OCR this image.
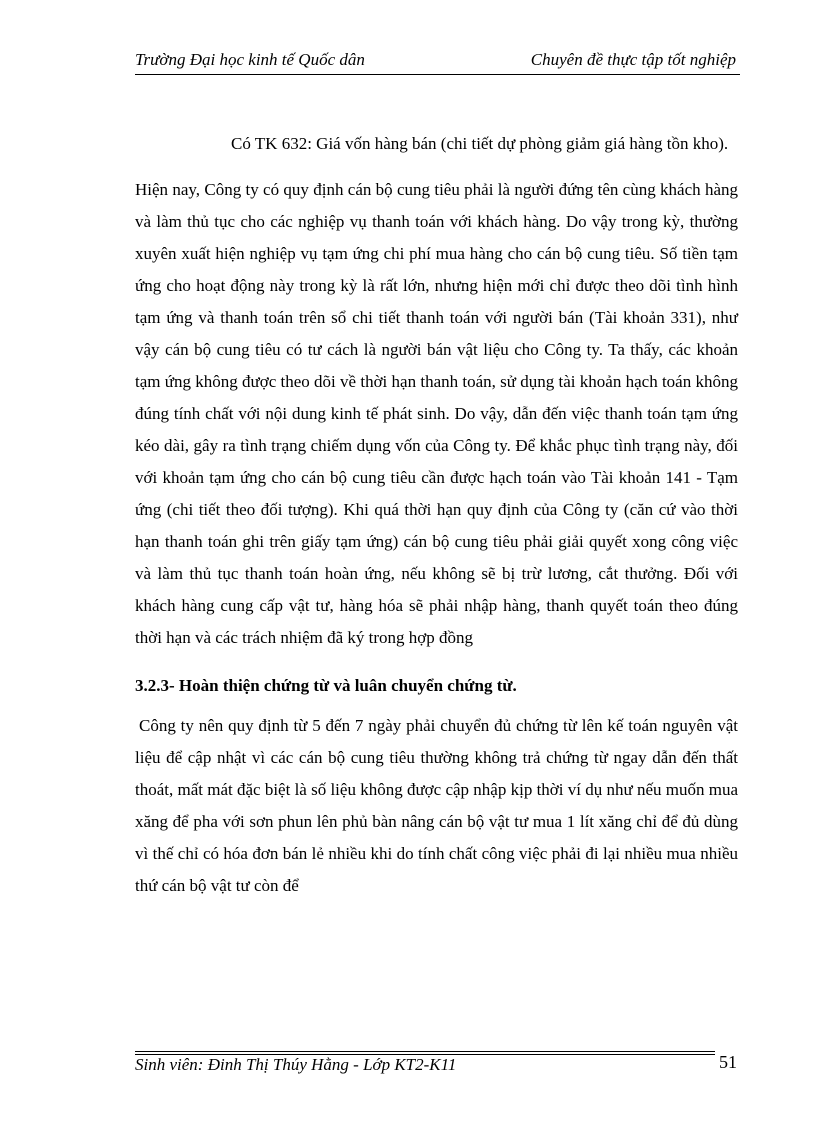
Trường Đại học kinh tế Quốc dân	Chuyên đề thực tập tốt nghiệp

Có TK 632: Giá vốn hàng bán (chi tiết dự phòng giảm giá hàng tồn kho).

Hiện nay, Công ty có quy định cán bộ cung tiêu phải là người đứng tên cùng khách hàng và làm thủ tục cho các nghiệp vụ thanh toán với khách hàng. Do vậy trong kỳ, thường xuyên xuất hiện nghiệp vụ tạm ứng chi phí mua hàng cho cán bộ cung tiêu. Số tiền tạm ứng cho hoạt động này trong kỳ là rất lớn, nhưng hiện mới chỉ được theo dõi tình hình tạm ứng và thanh toán trên sổ chi tiết thanh toán với người bán (Tài khoản 331), như vậy cán bộ cung tiêu có tư cách là người bán vật liệu cho Công ty. Ta thấy, các khoản tạm ứng không được theo dõi về thời hạn thanh toán, sử dụng tài khoản hạch toán không đúng tính chất với nội dung kinh tế phát sinh. Do vậy, dẫn đến việc thanh toán tạm ứng kéo dài, gây ra tình trạng chiếm dụng vốn của Công ty. Để khắc phục tình trạng này, đối với khoản tạm ứng cho cán bộ cung tiêu cần được hạch toán vào Tài khoản 141 - Tạm ứng (chi tiết theo đối tượng). Khi quá thời hạn quy định của Công ty (căn cứ vào thời hạn thanh toán ghi trên giấy tạm ứng) cán bộ cung tiêu phải giải quyết xong công việc và làm thủ tục thanh toán hoàn ứng, nếu không sẽ bị trừ lương, cắt thưởng. Đối với khách hàng cung cấp vật tư, hàng hóa sẽ phải nhập hàng, thanh quyết toán theo đúng thời hạn và các trách nhiệm đã ký trong hợp đồng

3.2.3- Hoàn thiện chứng từ và luân chuyển chứng từ.

Công ty nên quy định từ 5 đến 7 ngày phải chuyển đủ chứng từ lên kế toán nguyên vật liệu để cập nhật vì các cán bộ cung tiêu thường không trả chứng từ ngay dẫn đến thất thoát, mất mát đặc biệt là số liệu không được cập nhập kịp thời ví dụ như nếu muốn mua xăng để pha với sơn phun lên phủ bàn nâng cán bộ vật tư mua 1 lít xăng chỉ để đủ dùng vì thế chỉ có hóa đơn bán lẻ nhiều khi do tính chất công việc phải đi lại nhiều mua nhiều thứ cán bộ vật tư còn để

Sinh viên: Đinh Thị Thúy Hằng - Lớp KT2-K11	51
